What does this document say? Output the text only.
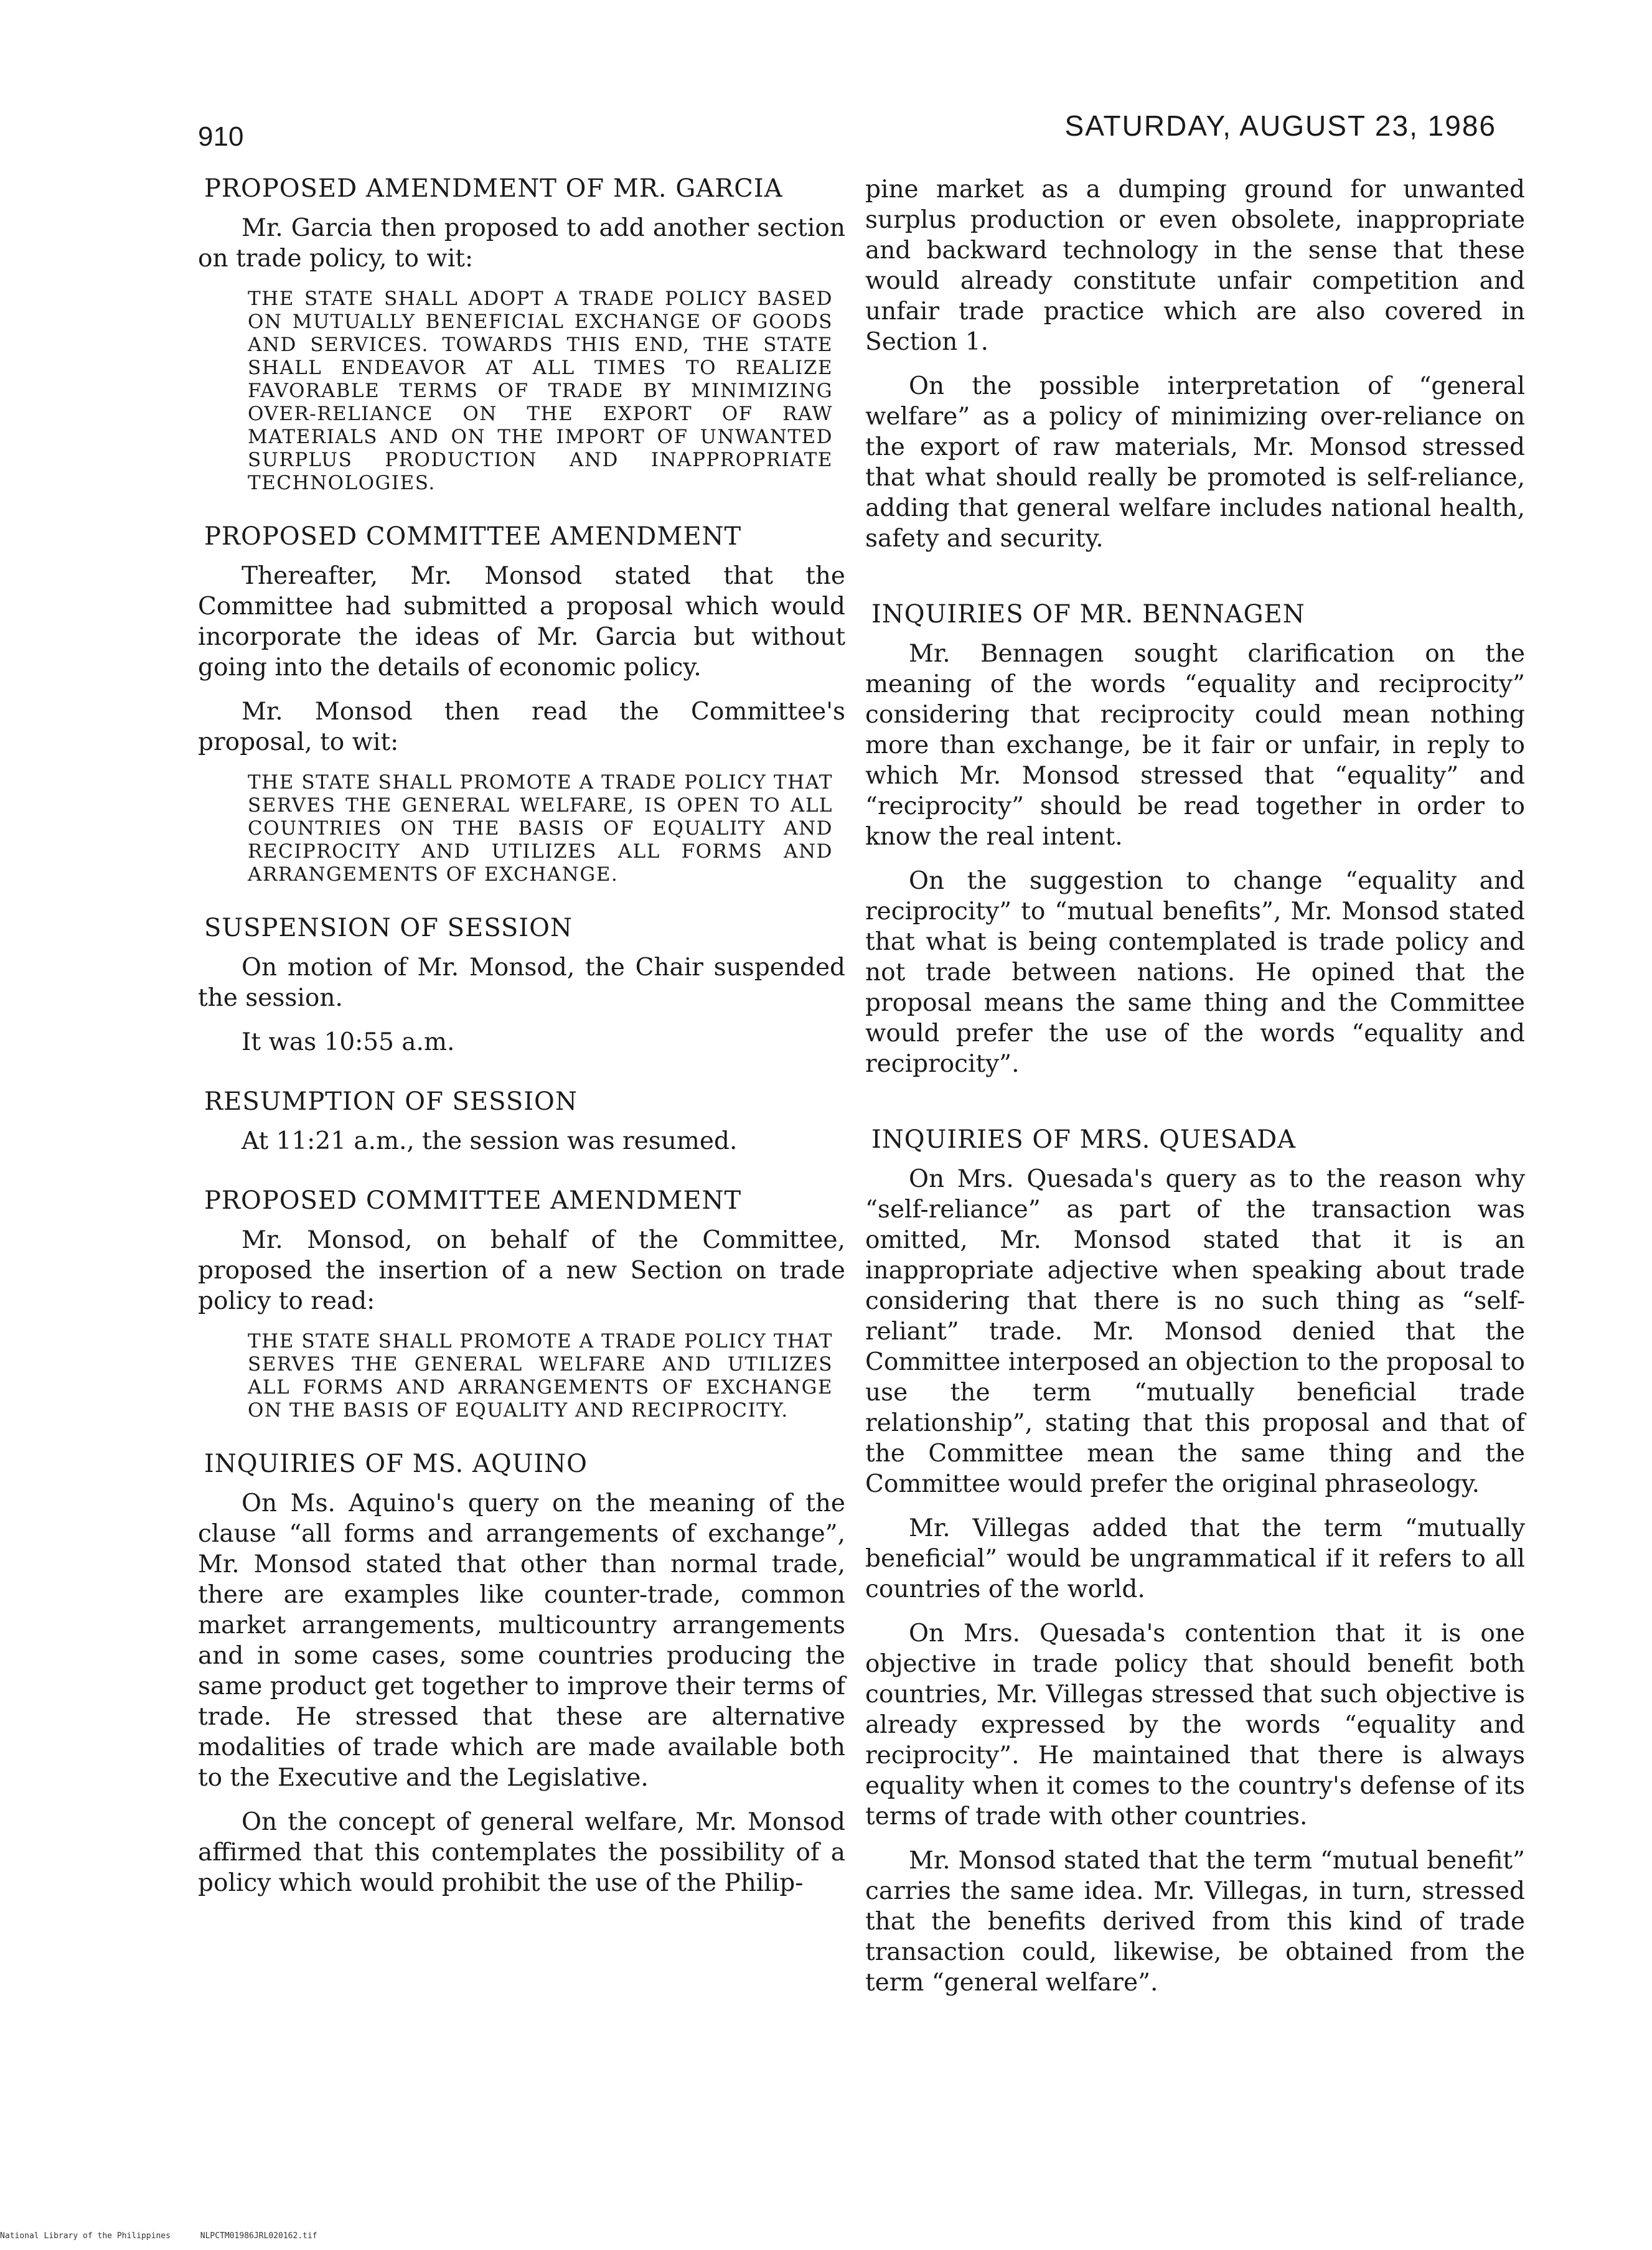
910	SATURDAY, AUGUST 23, 1986
PROPOSED AMENDMENT OF MR. GARCIA

Mr. Garcia then proposed to add another section on trade policy, to wit:

THE STATE SHALL ADOPT A TRADE POLICY BASED ON MUTUALLY BENEFICIAL EXCHANGE OF GOODS AND SERVICES. TOWARDS THIS END, THE STATE SHALL ENDEAVOR AT ALL TIMES TO REALIZE FAVORABLE TERMS OF TRADE BY MINIMIZING OVER-RELIANCE ON THE EXPORT OF RAW MATERIALS AND ON THE IMPORT OF UNWANTED SURPLUS PRODUCTION AND INAPPROPRIATE TECHNOLOGIES.

PROPOSED COMMITTEE AMENDMENT

Thereafter, Mr. Monsod stated that the Committee had submitted a proposal which would incorporate the ideas of Mr. Garcia but without going into the details of economic policy.

Mr. Monsod then read the Committee's proposal, to wit:

THE STATE SHALL PROMOTE A TRADE POLICY THAT SERVES THE GENERAL WELFARE, IS OPEN TO ALL COUNTRIES ON THE BASIS OF EQUALITY AND RECIPROCITY AND UTILIZES ALL FORMS AND ARRANGEMENTS OF EXCHANGE.

SUSPENSION OF SESSION

On motion of Mr. Monsod, the Chair suspended the session.

It was 10:55 a.m.

RESUMPTION OF SESSION

At 11:21 a.m., the session was resumed.

PROPOSED COMMITTEE AMENDMENT

Mr. Monsod, on behalf of the Committee, proposed the insertion of a new Section on trade policy to read:

THE STATE SHALL PROMOTE A TRADE POLICY THAT SERVES THE GENERAL WELFARE AND UTILIZES ALL FORMS AND ARRANGEMENTS OF EXCHANGE ON THE BASIS OF EQUALITY AND RECIPROCITY.

INQUIRIES OF MS. AQUINO

On Ms. Aquino's query on the meaning of the clause “all forms and arrangements of exchange”, Mr. Monsod stated that other than normal trade, there are examples like counter-trade, common market arrangements, multicountry arrangements and in some cases, some countries producing the same product get together to improve their terms of trade. He stressed that these are alternative modalities of trade which are made available both to the Executive and the Legislative.

On the concept of general welfare, Mr. Monsod affirmed that this contemplates the possibility of a policy which would prohibit the use of the Philip-

pine market as a dumping ground for unwanted surplus production or even obsolete, inappropriate and backward technology in the sense that these would already constitute unfair competition and unfair trade practice which are also covered in Section 1.

On the possible interpretation of “general welfare” as a policy of minimizing over-reliance on the export of raw materials, Mr. Monsod stressed that what should really be promoted is self-reliance, adding that general welfare includes national health, safety and security.

INQUIRIES OF MR. BENNAGEN

Mr. Bennagen sought clarification on the meaning of the words “equality and reciprocity” considering that reciprocity could mean nothing more than exchange, be it fair or unfair, in reply to which Mr. Monsod stressed that “equality” and “reciprocity” should be read together in order to know the real intent.

On the suggestion to change “equality and reciprocity” to “mutual benefits”, Mr. Monsod stated that what is being contemplated is trade policy and not trade between nations. He opined that the proposal means the same thing and the Committee would prefer the use of the words “equality and reciprocity”.

INQUIRIES OF MRS. QUESADA

On Mrs. Quesada's query as to the reason why “self-reliance” as part of the transaction was omitted, Mr. Monsod stated that it is an inappropriate adjective when speaking about trade considering that there is no such thing as “self-reliant” trade. Mr. Monsod denied that the Committee interposed an objection to the proposal to use the term “mutually beneficial trade relationship”, stating that this proposal and that of the Committee mean the same thing and the Committee would prefer the original phraseology.

Mr. Villegas added that the term “mutually beneficial” would be ungrammatical if it refers to all countries of the world.

On Mrs. Quesada's contention that it is one objective in trade policy that should benefit both countries, Mr. Villegas stressed that such objective is already expressed by the words “equality and reciprocity”. He maintained that there is always equality when it comes to the country's defense of its terms of trade with other countries.

Mr. Monsod stated that the term “mutual benefit” carries the same idea. Mr. Villegas, in turn, stressed that the benefits derived from this kind of trade transaction could, likewise, be obtained from the term “general welfare”.

National Library of the Philippines	NLPCTM01986JRL020162.tif
